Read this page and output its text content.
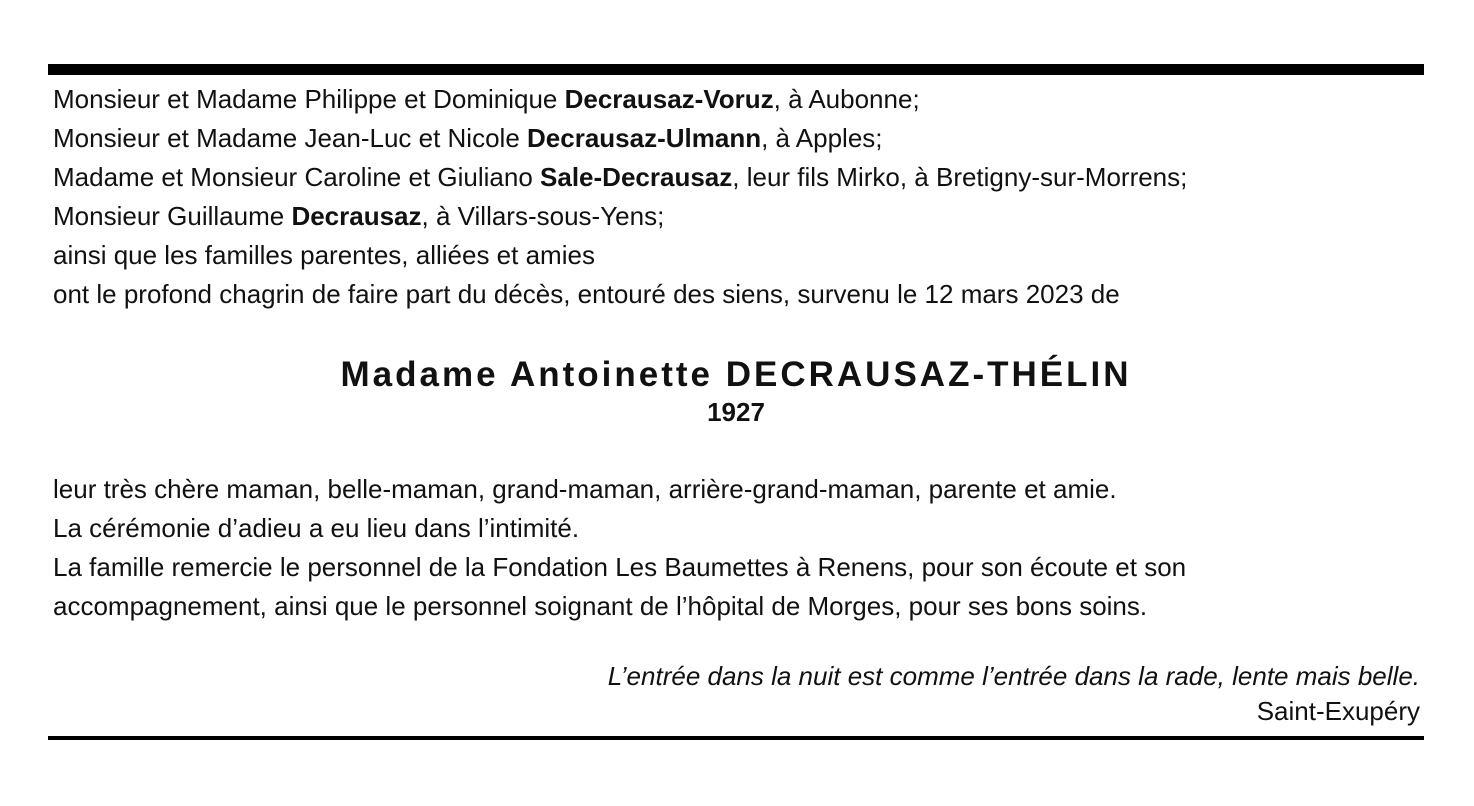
Monsieur et Madame Philippe et Dominique Decrausaz-Voruz, à Aubonne;
Monsieur et Madame Jean-Luc et Nicole Decrausaz-Ulmann, à Apples;
Madame et Monsieur Caroline et Giuliano Sale-Decrausaz, leur fils Mirko, à Bretigny-sur-Morrens;
Monsieur Guillaume Decrausaz, à Villars-sous-Yens;
ainsi que les familles parentes, alliées et amies
ont le profond chagrin de faire part du décès, entouré des siens, survenu le 12 mars 2023 de
Madame Antoinette DECRAUSAZ-THÉLIN
1927
leur très chère maman, belle-maman, grand-maman, arrière-grand-maman, parente et amie.
La cérémonie d’adieu a eu lieu dans l’intimité.
La famille remercie le personnel de la Fondation Les Baumettes à Renens, pour son écoute et son
accompagnement, ainsi que le personnel soignant de l’hôpital de Morges, pour ses bons soins.
L’entrée dans la nuit est comme l’entrée dans la rade, lente mais belle.
Saint-Exupéry
